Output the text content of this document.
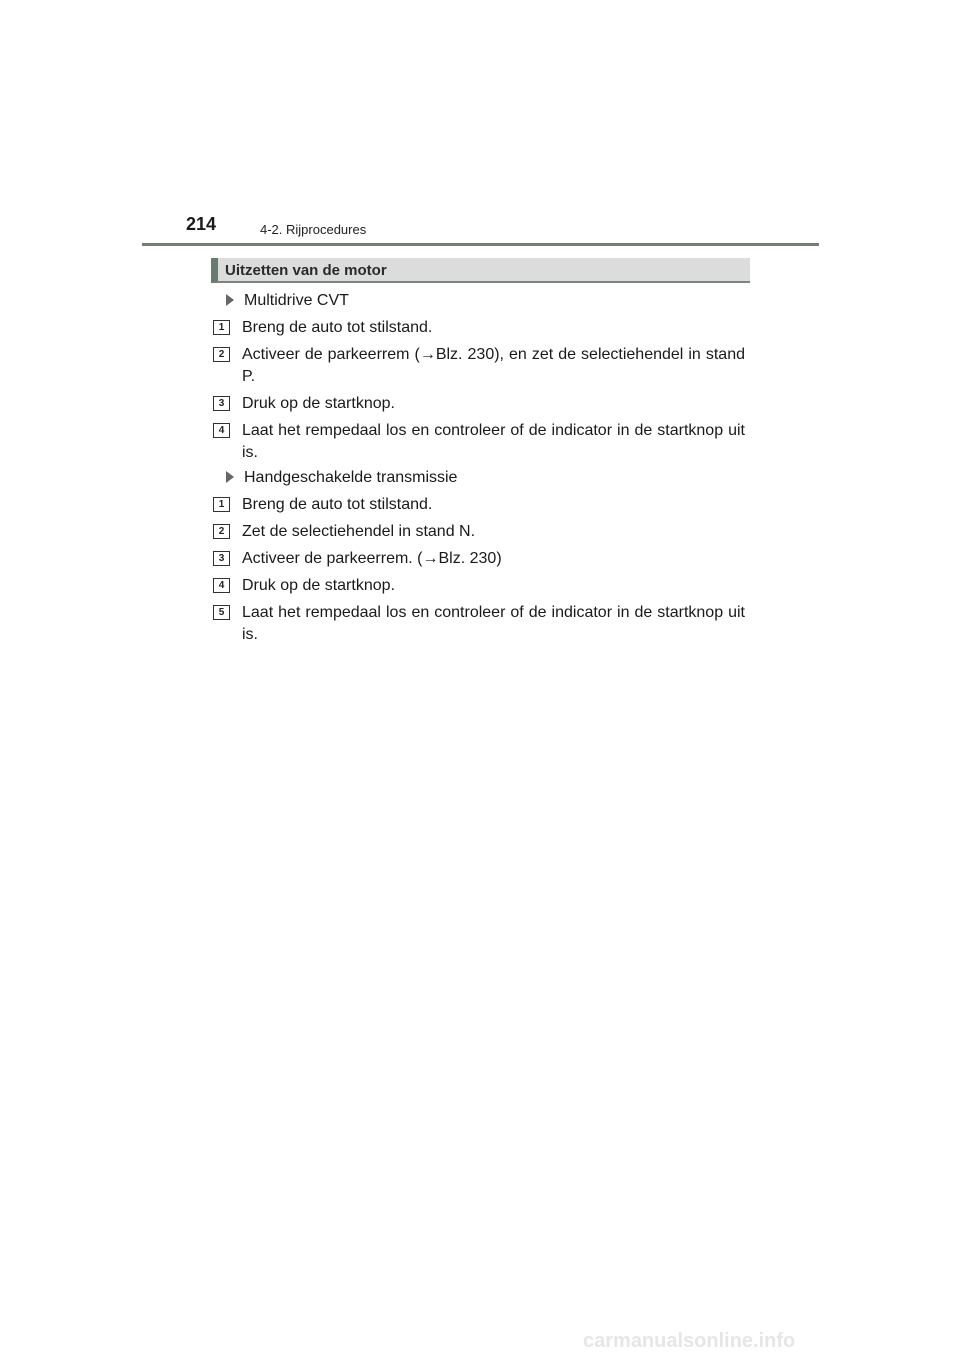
214	4-2. Rijprocedures
Uitzetten van de motor
Multidrive CVT
1	Breng de auto tot stilstand.
2	Activeer de parkeerrem (→Blz. 230), en zet de selectiehendel in stand P.
3	Druk op de startknop.
4	Laat het rempedaal los en controleer of de indicator in de startknop uit is.
Handgeschakelde transmissie
1	Breng de auto tot stilstand.
2	Zet de selectiehendel in stand N.
3	Activeer de parkeerrem. (→Blz. 230)
4	Druk op de startknop.
5	Laat het rempedaal los en controleer of de indicator in de startknop uit is.
carmanualsonline.info
